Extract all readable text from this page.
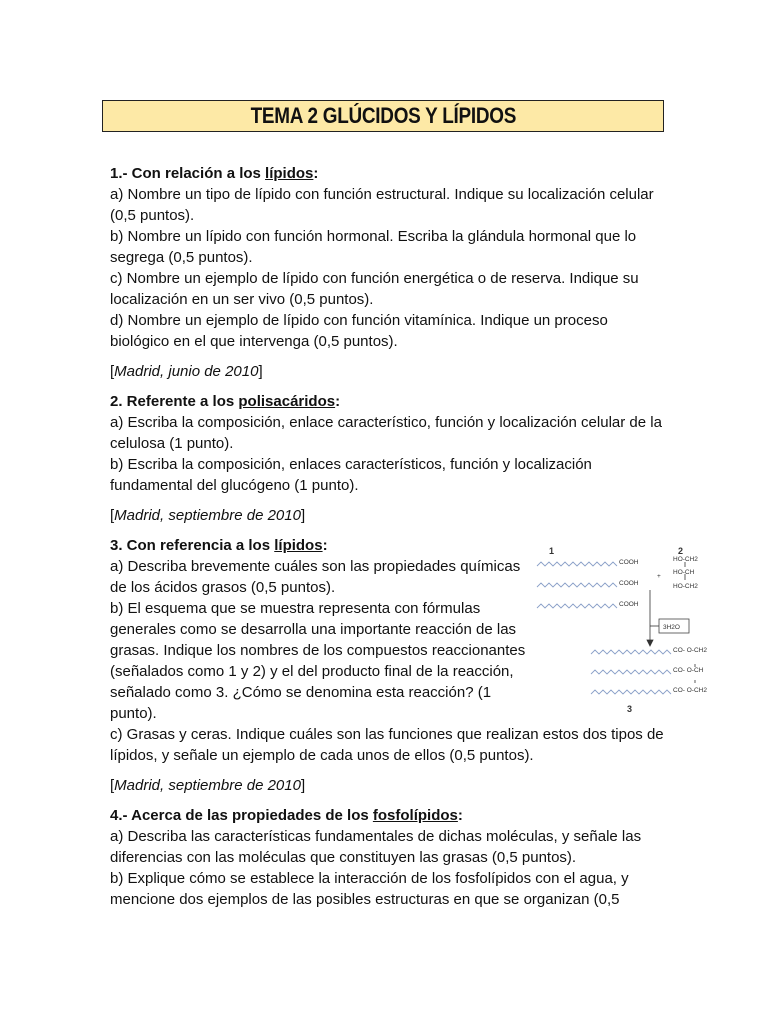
TEMA 2 GLÚCIDOS Y LÍPIDOS
1.- Con relación a los lípidos:
a) Nombre un tipo de lípido con función estructural. Indique su localización celular
(0,5 puntos).
b) Nombre un lípido con función hormonal. Escriba la glándula hormonal que lo
segrega (0,5 puntos).
c) Nombre un ejemplo de lípido con función energética o de reserva. Indique su
localización en un ser vivo (0,5 puntos).
d) Nombre un ejemplo de lípido con función vitamínica. Indique un proceso
biológico en el que intervenga (0,5 puntos).
[Madrid, junio de 2010]
2. Referente a los polisacáridos:
a) Escriba la composición, enlace característico, función y localización celular de la
celulosa (1 punto).
b) Escriba la composición, enlaces característicos, función y localización
fundamental del glucógeno (1 punto).
[Madrid, septiembre de 2010]
3. Con referencia a los lípidos:
a) Describa brevemente cuáles son las propiedades químicas
de los ácidos grasos (0,5 puntos).
b) El esquema que se muestra representa con fórmulas
generales como se desarrolla una importante reacción de las
grasas. Indique los nombres de los compuestos reaccionantes
(señalados como 1 y 2) y el del producto final de la reacción,
señalado como 3. ¿Cómo se denomina esta reacción? (1
punto).
c) Grasas y ceras. Indique cuáles son las funciones que realizan estos dos tipos de
lípidos, y señale un ejemplo de cada unos de ellos (0,5 puntos).
[Madrid, septiembre de 2010]
1	2
3
COOH
COOH
COOH
+
HO-CH2
HO-CH
HO-CH2
3H2O
CO- O-CH2
CO- O-CH
CO- O-CH2
4.- Acerca de las propiedades de los fosfolípidos:
a) Describa las características fundamentales de dichas moléculas, y señale las
diferencias con las moléculas que constituyen las grasas (0,5 puntos).
b) Explique cómo se establece la interacción de los fosfolípidos con el agua, y
mencione dos ejemplos de las posibles estructuras en que se organizan (0,5
